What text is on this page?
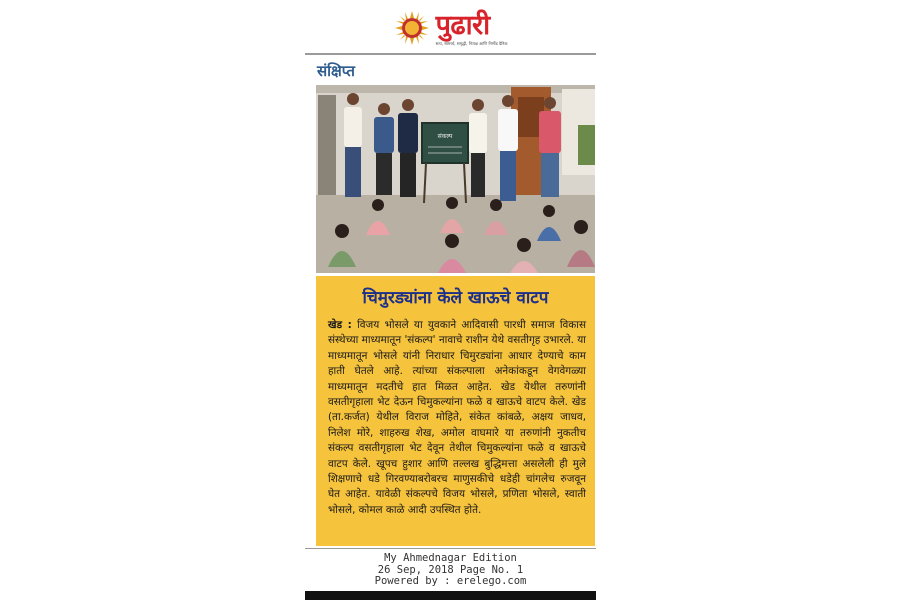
पुढारी
सत्य, सामर्थ्य, समृद्धी, निःपक्ष आणि निर्भीड दैनिक
संक्षिप्त
संकल्प
चिमुरड्यांना केले खाऊचे वाटप
खेड : विजय भोसले या युवकाने आदिवासी पारधी समाज विकास संस्थेच्या माध्यमातून 'संकल्प' नावाचे राशीन येथे वसतीगृह उभारले. या माध्यमातून भोसले यांनी निराधार चिमुरड्यांना आधार देण्याचे काम हाती घेतले आहे. त्यांच्या संकल्पाला अनेकांकडून वेगवेगळ्या माध्यमातून मदतीचे हात मिळत आहेत. खेड येथील तरुणांनी वसतीगृहाला भेट देऊन चिमुकल्यांना फळे व खाऊचे वाटप केले. खेड (ता.कर्जत) येथील विराज मोहिते, संकेत कांबळे, अक्षय जाधव, निलेश मोरे, शाहरुख शेख, अमोल वाघमारे या तरुणांनी नुकतीच संकल्प वसतीगृहाला भेट देवून तेथील चिमुकल्यांना फळे व खाऊचे वाटप केले. खूपच हुशार आणि तल्लख बुद्धिमत्ता असलेली ही मुले शिक्षणाचे धडे गिरवण्याबरोबरच माणुसकीचे धडेही चांगलेच रुजवून घेत आहेत. यावेळी संकल्पचे विजय भोसले, प्रणिता भोसले, स्वाती भोसले, कोमल काळे आदी उपस्थित होते.
My Ahmednagar Edition
26 Sep, 2018 Page No. 1
Powered by : erelego.com
